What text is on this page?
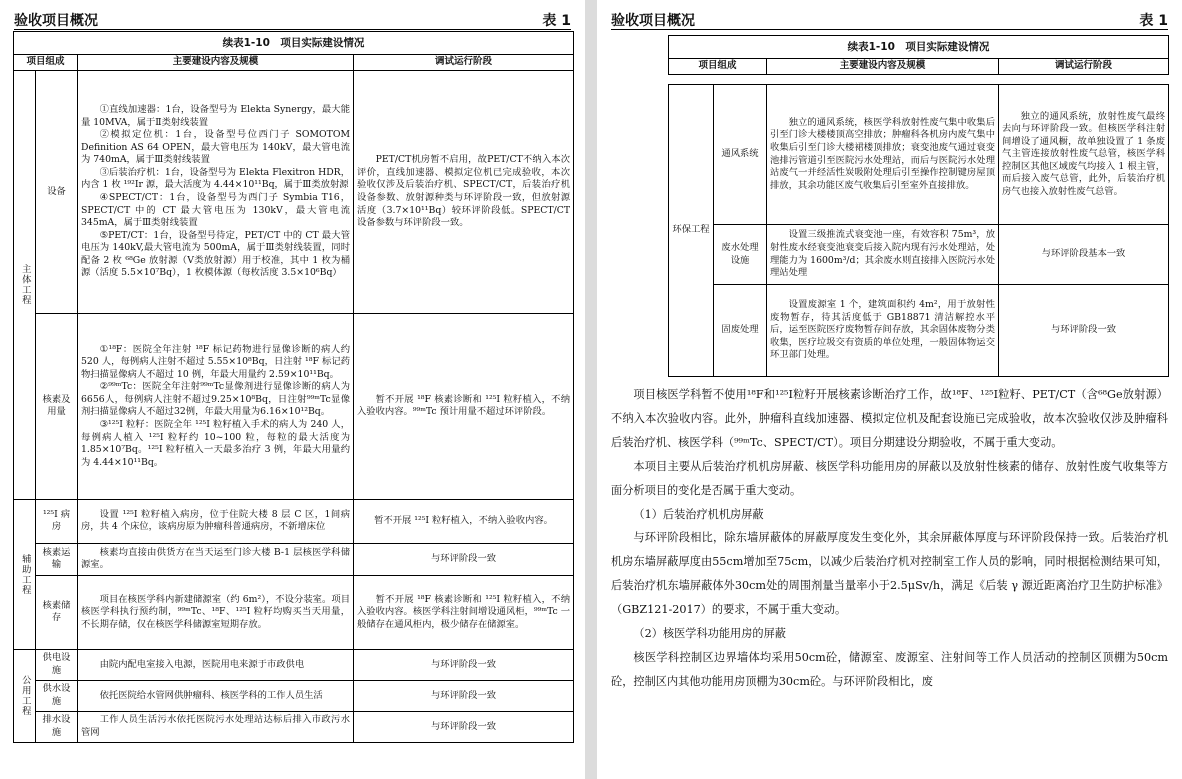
验收项目概况	表 1
续表1-10　项目实际建设情况			
项目组成		主要建设内容及规模	调试运行阶段
主体工程	设备	①直线加速器：1台，设备型号为 Elekta Synergy，最大能量 10MVA，属于Ⅱ类射线装置

②模拟定位机：1台，设备型号位西门子 SOMOTOM Definition AS 64 OPEN，最大管电压为 140kV，最大管电流为 740mA，属于Ⅲ类射线装置

③后装治疗机：1台，设备型号为 Elekta Flexitron HDR，内含 1 枚 ¹⁹²Ir 源，最大活度为 4.44×10¹¹Bq，属于Ⅲ类放射源

④SPECT/CT：1台，设备型号为西门子 Symbia T16，SPECT/CT 中的 CT 最大管电压为 130kV，最大管电流 345mA，属于Ⅲ类射线装置

⑤PET/CT：1台，设备型号待定，PET/CT 中的 CT 最大管电压为 140kV,最大管电流为 500mA，属于Ⅲ类射线装置，同时配备 2 枚 ⁶⁸Ge 放射源（Ⅴ类放射源）用于校准，其中 1 枚为桶源（活度 5.5×10⁷Bq），1 枚模体源（每枚活度 3.5×10⁶Bq）	PET/CT机房暂不启用，故PET/CT不纳入本次评价，直线加速器、模拟定位机已完成验收，本次验收仅涉及后装治疗机、SPECT/CT，后装治疗机设备参数、放射源种类与环评阶段一致，但放射源活度（3.7×10¹¹Bq）较环评阶段低。SPECT/CT设备参数与环评阶段一致。

	核素及用量	①¹⁸F：医院全年注射 ¹⁸F 标记药物进行显像诊断的病人约 520 人，每例病人注射不超过 5.55×10⁸Bq，日注射 ¹⁸F 标记药物扫描显像病人不超过 10 例，年最大用量约 2.59×10¹¹Bq。

②⁹⁹ᵐTc：医院全年注射⁹⁹ᵐTc显像剂进行显像诊断的病人为6656人，每例病人注射不超过9.25×10⁸Bq，日注射⁹⁹ᵐTc显像剂扫描显像病人不超过32例，年最大用量为6.16×10¹²Bq。

③¹²⁵I 粒籽：医院全年 ¹²⁵I 粒籽植入手术的病人为 240 人，每例病人植入 ¹²⁵I 粒籽约 10~100 粒，每粒的最大活度为 1.85×10⁷Bq。¹²⁵I 粒籽植入一天最多治疗 3 例，年最大用量约为 4.44×10¹¹Bq。	暂不开展 ¹⁸F 核素诊断和 ¹²⁵I 粒籽植入，不纳入验收内容。⁹⁹ᵐTc 预计用量不超过环评阶段。

辅助工程	¹²⁵I 病房	设置 ¹²⁵I 粒籽植入病房，位于住院大楼 8 层 C 区，1间病房，共 4 个床位，该病房原为肿瘤科普通病房，不新增床位	暂不开展 ¹²⁵I 粒籽植入，不纳入验收内容。
	核素运输	核素均直接由供货方在当天运至门诊大楼 B-1 层核医学科储源室。	与环评阶段一致
	核素储存	项目在核医学科内新建储源室（约 6m²），不设分装室。项目核医学科执行预约制，⁹⁹ᵐTc、¹⁸F、¹²⁵I 粒籽均购买当天用量，不长期存储，仅在核医学科储源室短期存放。	暂不开展 ¹⁸F 核素诊断和 ¹²⁵I 粒籽植入，不纳入验收内容。核医学科注射间增设通风柜，⁹⁹ᵐTc 一般储存在通风柜内，极少储存在储源室。

公用工程	供电设施	由院内配电室接入电源，医院用电来源于市政供电	与环评阶段一致
	供水设施	依托医院给水管网供肿瘤科、核医学科的工作人员生活	与环评阶段一致
	排水设施	工作人员生活污水依托医院污水处理站达标后排入市政污水管网	与环评阶段一致
验收项目概况	表 1
续表1-10　项目实际建设情况
项目组成	主要建设内容及规模	调试运行阶段
环保工程	通风系统	独立的通风系统，核医学科放射性废气集中收集后引至门诊大楼楼顶高空排放；肿瘤科各机房内废气集中收集后引至门诊大楼裙楼顶排放；衰变池废气通过衰变池排污管道引至医院污水处理站，而后与医院污水处理站废气一并经活性炭吸附处理后引至操作控制键房屋顶排放，其余功能区废气收集后引至室外直接排放。	独立的通风系统，放射性废气最终去向与环评阶段一致。但核医学科注射间增设了通风橱，故单独设置了 1 条废气主管连接放射性废气总管，核医学科控制区其他区域废气均接入 1 根主管，而后接入废气总管，此外，后装治疗机房气也接入放射性废气总管。

	废水处理设施	设置三级推流式衰变池一座，有效容积 75m³，放射性废水经衰变池衰变后接入院内现有污水处理站，处理能力为 1600m³/d；其余废水则直接排入医院污水处理站处理	与环评阶段基本一致
	固废处理	设置废源室 1 个，建筑面积约 4m²，用于放射性废物暂存，待其活度低于 GB18871 清洁解控水平后，运至医院医疗废物暂存间存放，其余固体废物分类收集，医疗垃圾交有资质的单位处理，一般固体物运交环卫部门处理。	与环评阶段一致

项目核医学科暂不使用¹⁸F和¹²⁵I粒籽开展核素诊断治疗工作，故¹⁸F、¹²⁵I粒籽、PET/CT（含⁶⁸Ge放射源）不纳入本次验收内容。此外，肿瘤科直线加速器、模拟定位机及配套设施已完成验收，故本次验收仅涉及肿瘤科后装治疗机、核医学科（⁹⁹ᵐTc、SPECT/CT）。项目分期建设分期验收，不属于重大变动。

本项目主要从后装治疗机机房屏蔽、核医学科功能用房的屏蔽以及放射性核素的储存、放射性废气收集等方面分析项目的变化是否属于重大变动。

（1）后装治疗机机房屏蔽

与环评阶段相比，除东墙屏蔽体的屏蔽厚度发生变化外，其余屏蔽体厚度与环评阶段保持一致。后装治疗机机房东墙屏蔽厚度由55cm增加至75cm，以减少后装治疗机对控制室工作人员的影响，同时根据检测结果可知，后装治疗机东墙屏蔽体外30cm处的周围剂量当量率小于2.5μSv/h，满足《后装 γ 源近距离治疗卫生防护标准》（GBZ121-2017）的要求，不属于重大变动。

（2）核医学科功能用房的屏蔽

核医学科控制区边界墙体均采用50cm砼，储源室、废源室、注射间等工作人员活动的控制区顶棚为50cm砼，控制区内其他功能用房顶棚为30cm砼。与环评阶段相比，废
